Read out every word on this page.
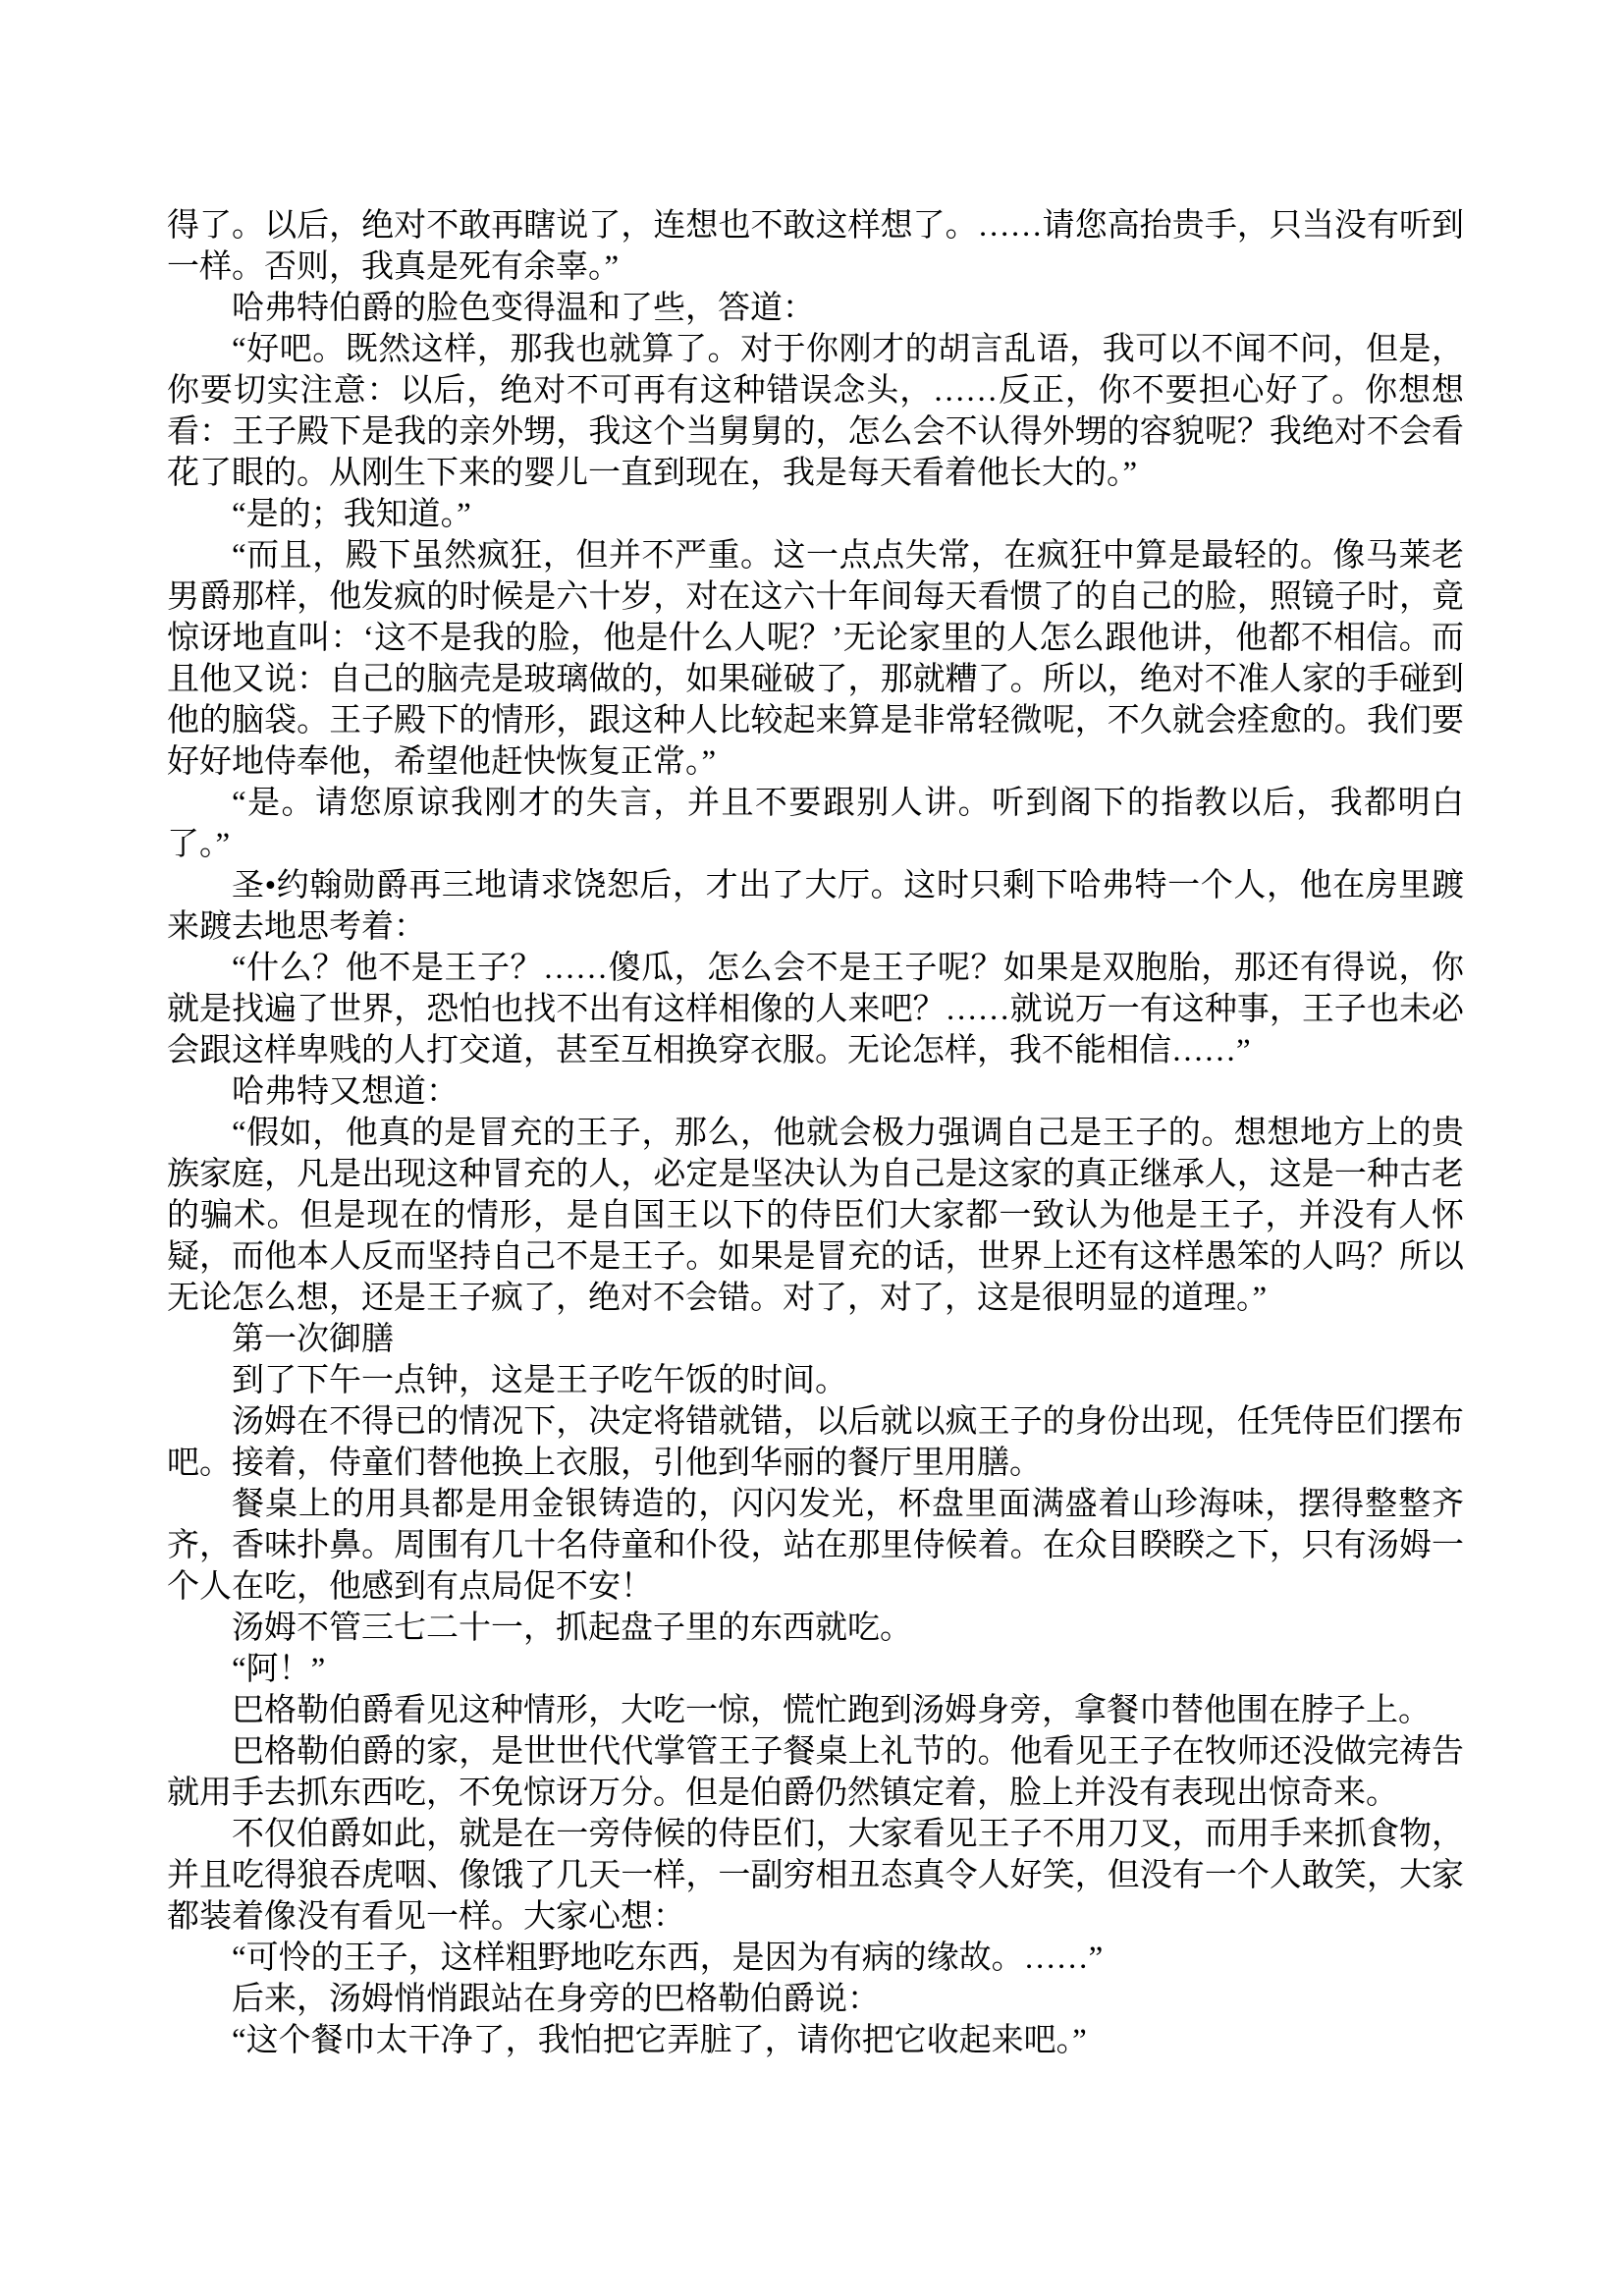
得了。以后，绝对不敢再瞎说了，连想也不敢这样想了。……请您高抬贵手，只当没有听到一样。否则，我真是死有余辜。”

哈弗特伯爵的脸色变得温和了些，答道：

“好吧。既然这样，那我也就算了。对于你刚才的胡言乱语，我可以不闻不问，但是，你要切实注意：以后，绝对不可再有这种错误念头，……反正，你不要担心好了。你想想看：王子殿下是我的亲外甥，我这个当舅舅的，怎么会不认得外甥的容貌呢？我绝对不会看花了眼的。从刚生下来的婴儿一直到现在，我是每天看着他长大的。”

“是的；我知道。”

“而且，殿下虽然疯狂，但并不严重。这一点点失常，在疯狂中算是最轻的。像马莱老男爵那样，他发疯的时候是六十岁，对在这六十年间每天看惯了的自己的脸，照镜子时，竟惊讶地直叫：‘这不是我的脸，他是什么人呢？’无论家里的人怎么跟他讲，他都不相信。而且他又说：自己的脑壳是玻璃做的，如果碰破了，那就糟了。所以，绝对不准人家的手碰到他的脑袋。王子殿下的情形，跟这种人比较起来算是非常轻微呢，不久就会痊愈的。我们要好好地侍奉他，希望他赶快恢复正常。”

“是。请您原谅我刚才的失言，并且不要跟别人讲。听到阁下的指教以后，我都明白了。”

圣•约翰勋爵再三地请求饶恕后，才出了大厅。这时只剩下哈弗特一个人，他在房里踱来踱去地思考着：

“什么？他不是王子？……傻瓜，怎么会不是王子呢？如果是双胞胎，那还有得说，你就是找遍了世界，恐怕也找不出有这样相像的人来吧？……就说万一有这种事，王子也未必会跟这样卑贱的人打交道，甚至互相换穿衣服。无论怎样，我不能相信……”

哈弗特又想道：

“假如，他真的是冒充的王子，那么，他就会极力强调自己是王子的。想想地方上的贵族家庭，凡是出现这种冒充的人，必定是坚决认为自己是这家的真正继承人，这是一种古老的骗术。但是现在的情形，是自国王以下的侍臣们大家都一致认为他是王子，并没有人怀疑，而他本人反而坚持自己不是王子。如果是冒充的话，世界上还有这样愚笨的人吗？所以无论怎么想，还是王子疯了，绝对不会错。对了，对了，这是很明显的道理。”

第一次御膳

到了下午一点钟，这是王子吃午饭的时间。

汤姆在不得已的情况下，决定将错就错，以后就以疯王子的身份出现，任凭侍臣们摆布吧。接着，侍童们替他换上衣服，引他到华丽的餐厅里用膳。

餐桌上的用具都是用金银铸造的，闪闪发光，杯盘里面满盛着山珍海味，摆得整整齐齐，香味扑鼻。周围有几十名侍童和仆役，站在那里侍候着。在众目睽睽之下，只有汤姆一个人在吃，他感到有点局促不安！

汤姆不管三七二十一，抓起盘子里的东西就吃。

“阿！”

巴格勒伯爵看见这种情形，大吃一惊，慌忙跑到汤姆身旁，拿餐巾替他围在脖子上。

巴格勒伯爵的家，是世世代代掌管王子餐桌上礼节的。他看见王子在牧师还没做完祷告就用手去抓东西吃，不免惊讶万分。但是伯爵仍然镇定着，脸上并没有表现出惊奇来。

不仅伯爵如此，就是在一旁侍候的侍臣们，大家看见王子不用刀叉，而用手来抓食物，并且吃得狼吞虎咽、像饿了几天一样，一副穷相丑态真令人好笑，但没有一个人敢笑，大家都装着像没有看见一样。大家心想：

“可怜的王子，这样粗野地吃东西，是因为有病的缘故。……”

后来，汤姆悄悄跟站在身旁的巴格勒伯爵说：

“这个餐巾太干净了，我怕把它弄脏了，请你把它收起来吧。”
